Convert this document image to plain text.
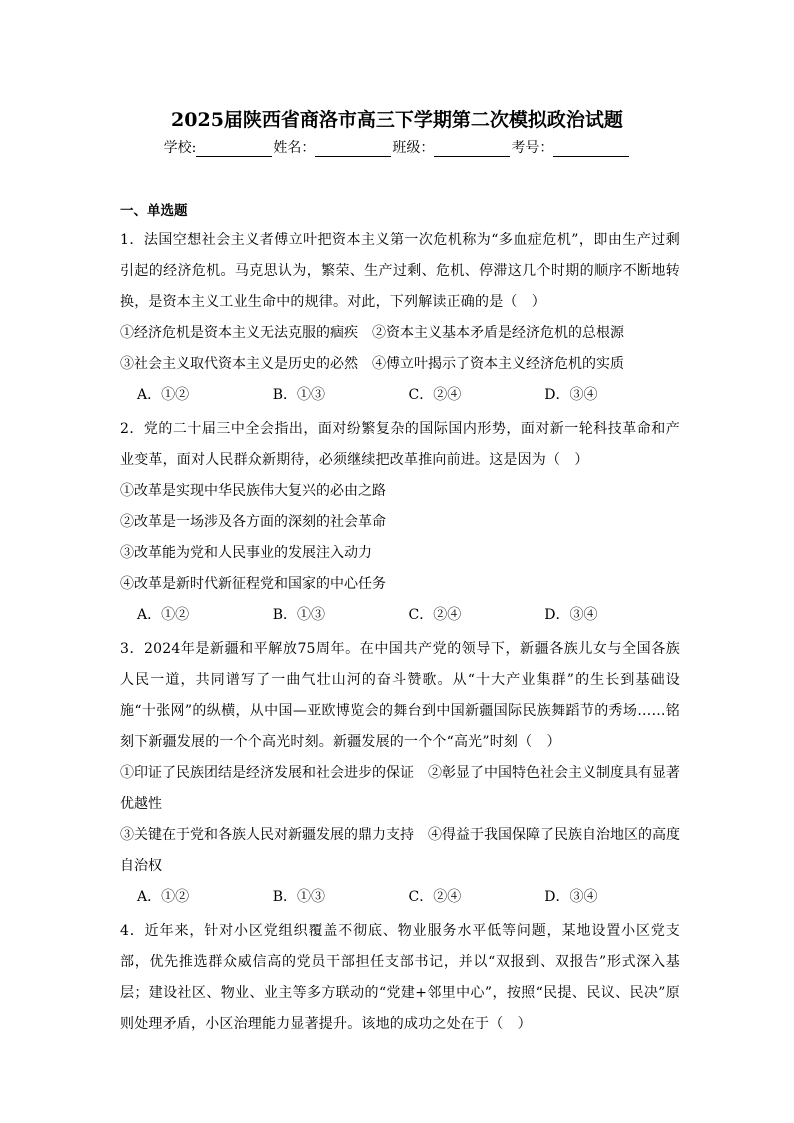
2025届陕西省商洛市高三下学期第二次模拟政治试题
学校:	姓名：	班级：	考号：
一、单选题
1．法国空想社会主义者傅立叶把资本主义第一次危机称为“多血症危机”，即由生产过剩引起的经济危机。马克思认为，繁荣、生产过剩、危机、停滞这几个时期的顺序不断地转换，是资本主义工业生命中的规律。对此，下列解读正确的是（　）
①经济危机是资本主义无法克服的痼疾 ②资本主义基本矛盾是经济危机的总根源
③社会主义取代资本主义是历史的必然 ④傅立叶揭示了资本主义经济危机的实质
A．①②	B．①③	C．②④	D．③④
2．党的二十届三中全会指出，面对纷繁复杂的国际国内形势，面对新一轮科技革命和产业变革，面对人民群众新期待，必须继续把改革推向前进。这是因为（　）
①改革是实现中华民族伟大复兴的必由之路
②改革是一场涉及各方面的深刻的社会革命
③改革能为党和人民事业的发展注入动力
④改革是新时代新征程党和国家的中心任务
A．①②	B．①③	C．②④	D．③④
3．2024年是新疆和平解放75周年。在中国共产党的领导下，新疆各族儿女与全国各族人民一道，共同谱写了一曲气壮山河的奋斗赞歌。从“十大产业集群”的生长到基础设施“十张网”的纵横，从中国—亚欧博览会的舞台到中国新疆国际民族舞蹈节的秀场……铭刻下新疆发展的一个个高光时刻。新疆发展的一个个“高光”时刻（　）
①印证了民族团结是经济发展和社会进步的保证　②彰显了中国特色社会主义制度具有显著优越性
③关键在于党和各族人民对新疆发展的鼎力支持　④得益于我国保障了民族自治地区的高度自治权
A．①②	B．①③	C．②④	D．③④
4．近年来，针对小区党组织覆盖不彻底、物业服务水平低等问题，某地设置小区党支部，优先推选群众威信高的党员干部担任支部书记，并以“双报到、双报告”形式深入基层；建设社区、物业、业主等多方联动的“党建+邻里中心”，按照“民提、民议、民决”原则处理矛盾，小区治理能力显著提升。该地的成功之处在于（　）
